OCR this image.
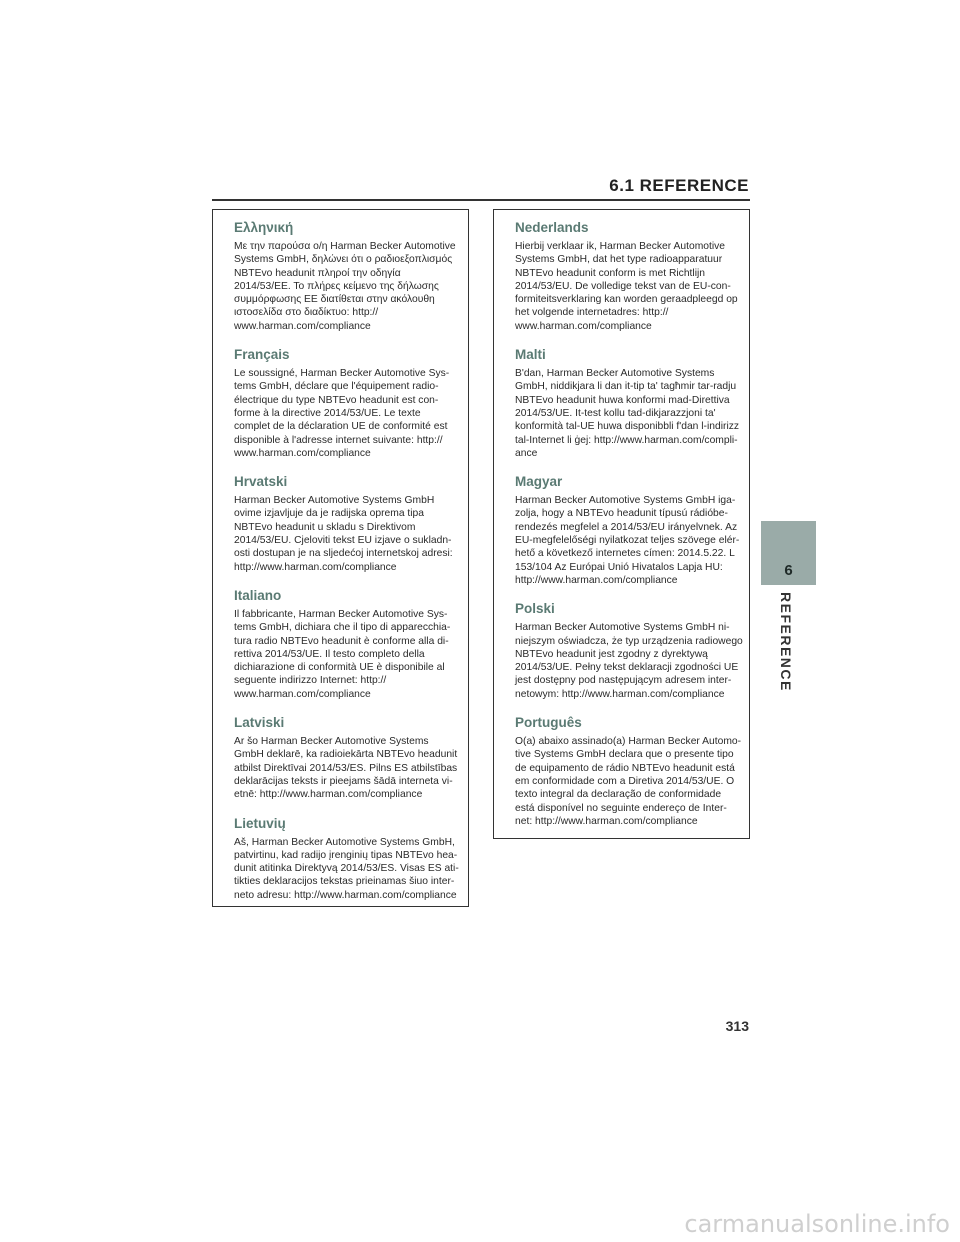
6.1 REFERENCE
Ελληνική
Με την παρούσα ο/η Harman Becker Automotive
Systems GmbH, δηλώνει ότι ο ραδιοεξοπλισμός
NBTEvo headunit πληροί την οδηγία
2014/53/ΕΕ. Το πλήρες κείμενο της δήλωσης
συμμόρφωσης ΕΕ διατίθεται στην ακόλουθη
ιστοσελίδα στο διαδίκτυο: http://
www.harman.com/compliance
Français
Le soussigné, Harman Becker Automotive Sys-
tems GmbH, déclare que l'équipement radio-
électrique du type NBTEvo headunit est con-
forme à la directive 2014/53/UE. Le texte
complet de la déclaration UE de conformité est
disponible à l'adresse internet suivante: http://
www.harman.com/compliance
Hrvatski
Harman Becker Automotive Systems GmbH
ovime izjavljuje da je radijska oprema tipa
NBTEvo headunit u skladu s Direktivom
2014/53/EU. Cjeloviti tekst EU izjave o sukladn-
osti dostupan je na sljedećoj internetskoj adresi:
http://www.harman.com/compliance
Italiano
Il fabbricante, Harman Becker Automotive Sys-
tems GmbH, dichiara che il tipo di apparecchia-
tura radio NBTEvo headunit è conforme alla di-
rettiva 2014/53/UE. Il testo completo della
dichiarazione di conformità UE è disponibile al
seguente indirizzo Internet: http://
www.harman.com/compliance
Latviski
Ar šo Harman Becker Automotive Systems
GmbH deklarē, ka radioiekārta NBTEvo headunit
atbilst Direktīvai 2014/53/ES. Pilns ES atbilstības
deklarācijas teksts ir pieejams šādā interneta vi-
etnē: http://www.harman.com/compliance
Lietuvių
Aš, Harman Becker Automotive Systems GmbH,
patvirtinu, kad radijo įrenginių tipas NBTEvo hea-
dunit atitinka Direktyvą 2014/53/ES. Visas ES ati-
tikties deklaracijos tekstas prieinamas šiuo inter-
neto adresu: http://www.harman.com/compliance
Nederlands
Hierbij verklaar ik, Harman Becker Automotive
Systems GmbH, dat het type radioapparatuur
NBTEvo headunit conform is met Richtlijn
2014/53/EU. De volledige tekst van de EU-con-
formiteitsverklaring kan worden geraadpleegd op
het volgende internetadres: http://
www.harman.com/compliance
Malti
B'dan, Harman Becker Automotive Systems
GmbH, niddikjara li dan it-tip ta' tagħmir tar-radju
NBTEvo headunit huwa konformi mad-Direttiva
2014/53/UE. It-test kollu tad-dikjarazzjoni ta'
konformità tal-UE huwa disponibbli f'dan l-indirizz
tal-Internet li ġej: http://www.harman.com/compli-
ance
Magyar
Harman Becker Automotive Systems GmbH iga-
zolja, hogy a NBTEvo headunit típusú rádióbe-
rendezés megfelel a 2014/53/EU irányelvnek. Az
EU-megfelelőségi nyilatkozat teljes szövege elér-
hető a következő internetes címen: 2014.5.22. L
153/104 Az Európai Unió Hivatalos Lapja HU:
http://www.harman.com/compliance
Polski
Harman Becker Automotive Systems GmbH ni-
niejszym oświadcza, że typ urządzenia radiowego
NBTEvo headunit jest zgodny z dyrektywą
2014/53/UE. Pełny tekst deklaracji zgodności UE
jest dostępny pod następującym adresem inter-
netowym: http://www.harman.com/compliance
Português
O(a) abaixo assinado(a) Harman Becker Automo-
tive Systems GmbH declara que o presente tipo
de equipamento de rádio NBTEvo headunit está
em conformidade com a Diretiva 2014/53/UE. O
texto integral da declaração de conformidade
está disponível no seguinte endereço de Inter-
net: http://www.harman.com/compliance
6
REFERENCE
313
carmanualsonline.info
